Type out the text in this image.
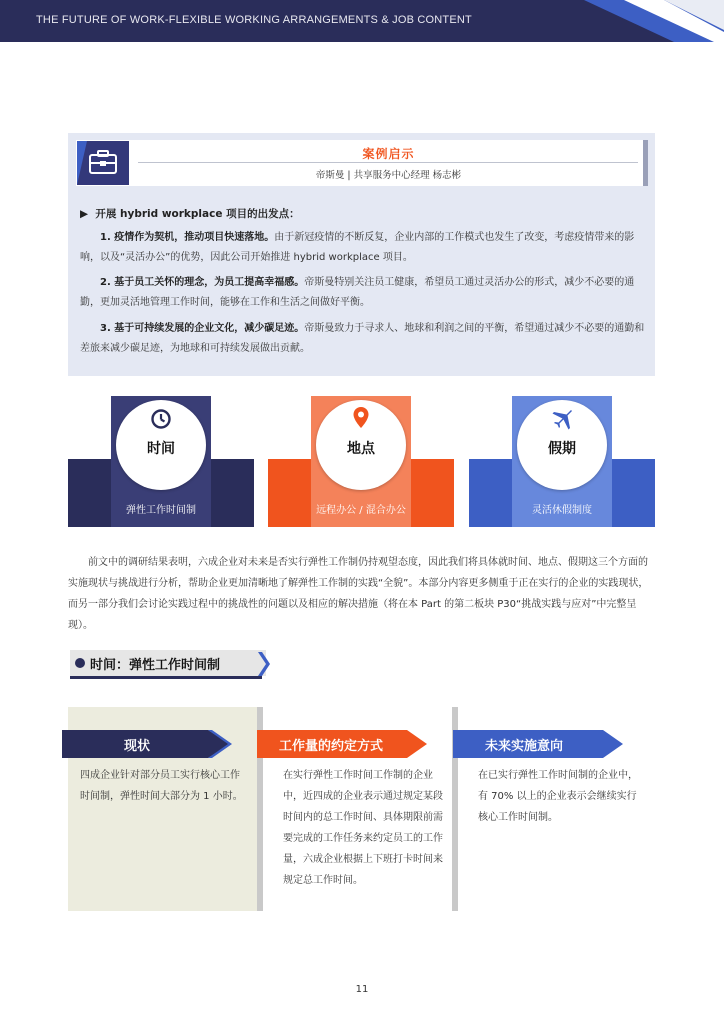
THE FUTURE OF WORK-FLEXIBLE WORKING ARRANGEMENTS & JOB CONTENT
案例启示
帝斯曼 | 共享服务中心经理 杨志彬
▶  开展 hybrid workplace 项目的出发点：
1. 疫情作为契机，推动项目快速落地。由于新冠疫情的不断反复，企业内部的工作模式也发生了改变，考虑疫情带来的影响，以及“灵活办公”的优势，因此公司开始推进 hybrid workplace 项目。
2. 基于员工关怀的理念，为员工提高幸福感。帝斯曼特别关注员工健康，希望员工通过灵活办公的形式，减少不必要的通勤，更加灵活地管理工作时间，能够在工作和生活之间做好平衡。
3. 基于可持续发展的企业文化，减少碳足迹。帝斯曼致力于寻求人、地球和利润之间的平衡，希望通过减少不必要的通勤和差旅来减少碳足迹，为地球和可持续发展做出贡献。
时间
弹性工作时间制
地点
远程办公 / 混合办公
假期
灵活休假制度
前文中的调研结果表明，六成企业对未来是否实行弹性工作制仍持观望态度，因此我们将具体就时间、地点、假期这三个方面的实施现状与挑战进行分析，帮助企业更加清晰地了解弹性工作制的实践“全貌”。本部分内容更多侧重于正在实行的企业的实践现状，而另一部分我们会讨论实践过程中的挑战性的问题以及相应的解决措施（将在本 Part 的第二板块 P30“挑战实践与应对”中完整呈现）。
时间：弹性工作时间制
现状	工作量的约定方式	未来实施意向
四成企业针对部分员工实行核心工作时间制，弹性时间大部分为 1 小时。
在实行弹性工作时间工作制的企业中，近四成的企业表示通过规定某段时间内的总工作时间、具体期限前需要完成的工作任务来约定员工的工作量，六成企业根据上下班打卡时间来规定总工作时间。
在已实行弹性工作时间制的企业中，有 70% 以上的企业表示会继续实行核心工作时间制。
11
